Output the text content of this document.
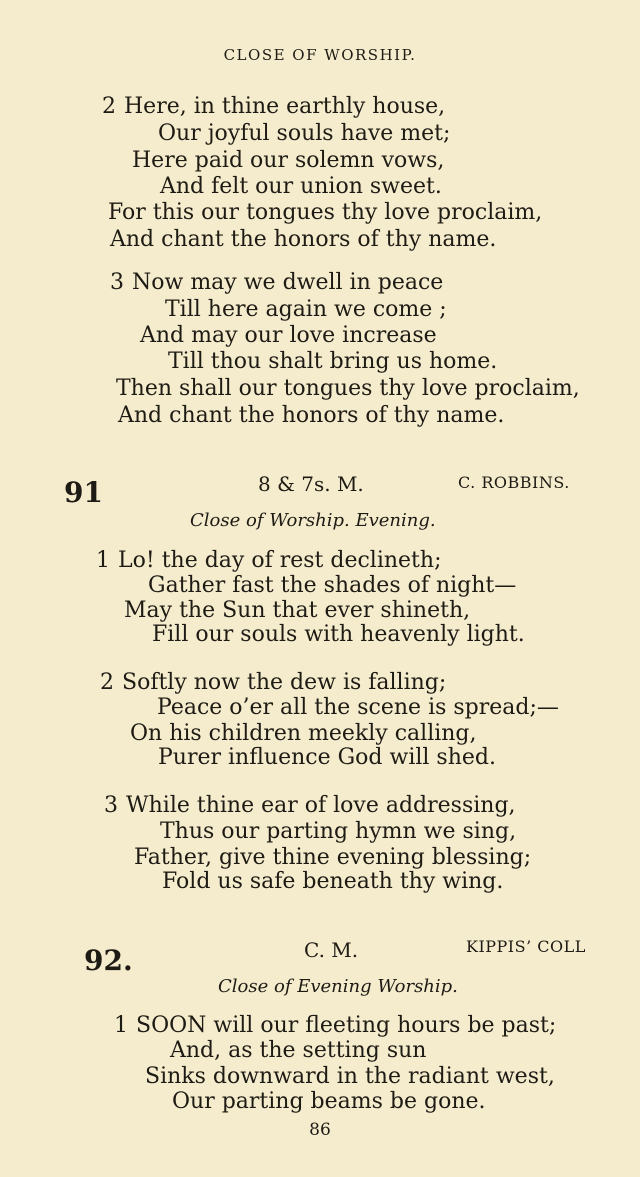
CLOSE OF WORSHIP.
2 Here, in thine earthly house,
Our joyful souls have met;
Here paid our solemn vows,
And felt our union sweet.
For this our tongues thy love proclaim,
And chant the honors of thy name.
3 Now may we dwell in peace
Till here again we come ;
And may our love increase
Till thou shalt bring us home.
Then shall our tongues thy love proclaim,
And chant the honors of thy name.
91	8 & 7s. M.	C. ROBBINS.
Close of Worship. Evening.
1 Lo! the day of rest declineth;
Gather fast the shades of night—
May the Sun that ever shineth,
Fill our souls with heavenly light.
2 Softly now the dew is falling;
Peace o’er all the scene is spread;—
On his children meekly calling,
Purer influence God will shed.
3 While thine ear of love addressing,
Thus our parting hymn we sing,
Father, give thine evening blessing;
Fold us safe beneath thy wing.
92.	C. M.	KIPPIS’ COLL
Close of Evening Worship.
1 SOON will our fleeting hours be past;
And, as the setting sun
Sinks downward in the radiant west,
Our parting beams be gone.
86
